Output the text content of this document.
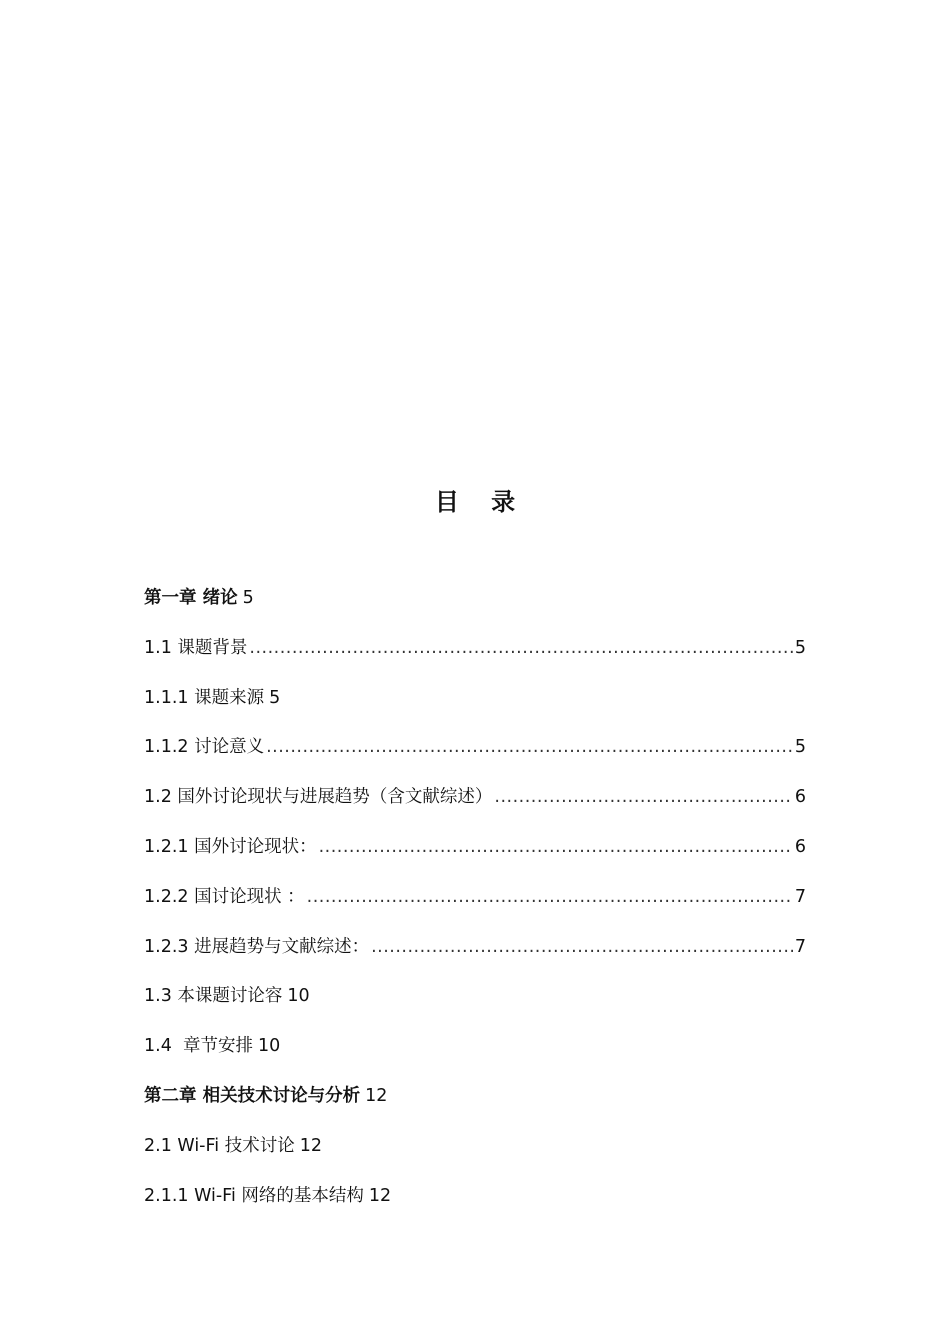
目 录
第一章 绪论 5
1.1 课题背景 .....	5
1.1.1 课题来源 5
1.1.2 讨论意义 .....	5
1.2 国外讨论现状与进展趋势（含文献综述） .....	6
1.2.1 国外讨论现状： .....	6
1.2.2 国讨论现状 ： .....	7
1.2.3 进展趋势与文献综述： .....	7
1.3 本课题讨论容 10
1.4  章节安排 10
第二章 相关技术讨论与分析 12
2.1 Wi-Fi 技术讨论 12
2.1.1 Wi-Fi 网络的基本结构 12
